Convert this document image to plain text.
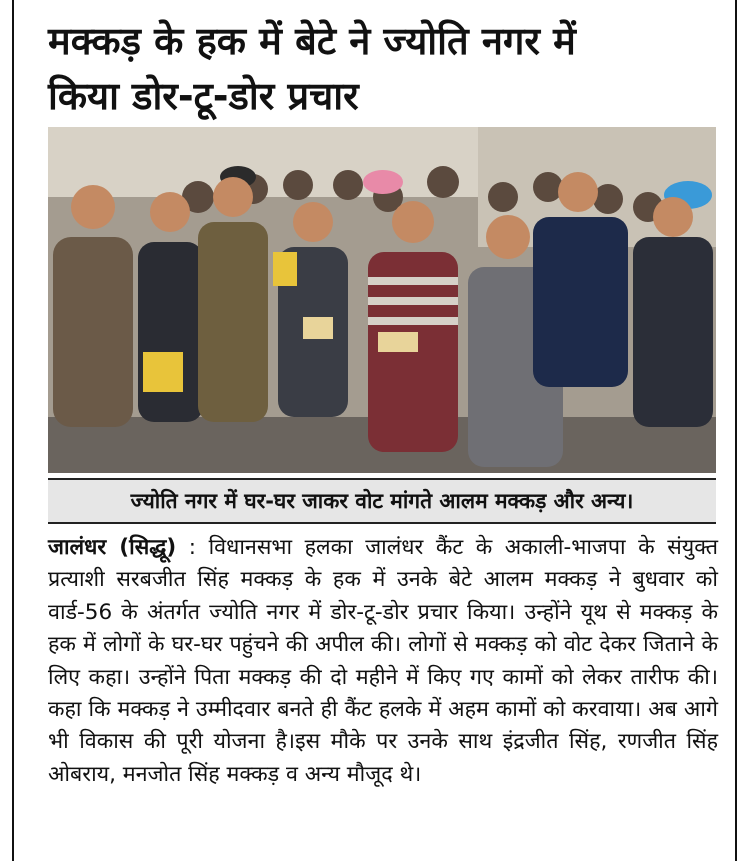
मक्कड़ के हक में बेटे ने ज्योति नगर में
किया डोर-टू-डोर प्रचार
ज्योति नगर में घर-घर जाकर वोट मांगते आलम मक्कड़ और अन्य।

जालंधर (सिद्धू) : विधानसभा हलका जालंधर कैंट के अकाली-भाजपा के संयुक्त प्रत्याशी सरबजीत सिंह मक्कड़ के हक में उनके बेटे आलम मक्कड़ ने बुधवार को वार्ड-56 के अंतर्गत ज्योति नगर में डोर-टू-डोर प्रचार किया। उन्होंने यूथ से मक्कड़ के हक में लोगों के घर-घर पहुंचने की अपील की। लोगों से मक्कड़ को वोट देकर जिताने के लिए कहा। उन्होंने पिता मक्कड़ की दो महीने में किए गए कामों को लेकर तारीफ की। कहा कि मक्कड़ ने उम्मीदवार बनते ही कैंट हलके में अहम कामों को करवाया। अब आगे भी विकास की पूरी योजना है।इस मौके पर उनके साथ इंद्रजीत सिंह, रणजीत सिंह ओबराय, मनजोत सिंह मक्कड़ व अन्य मौजूद थे।
